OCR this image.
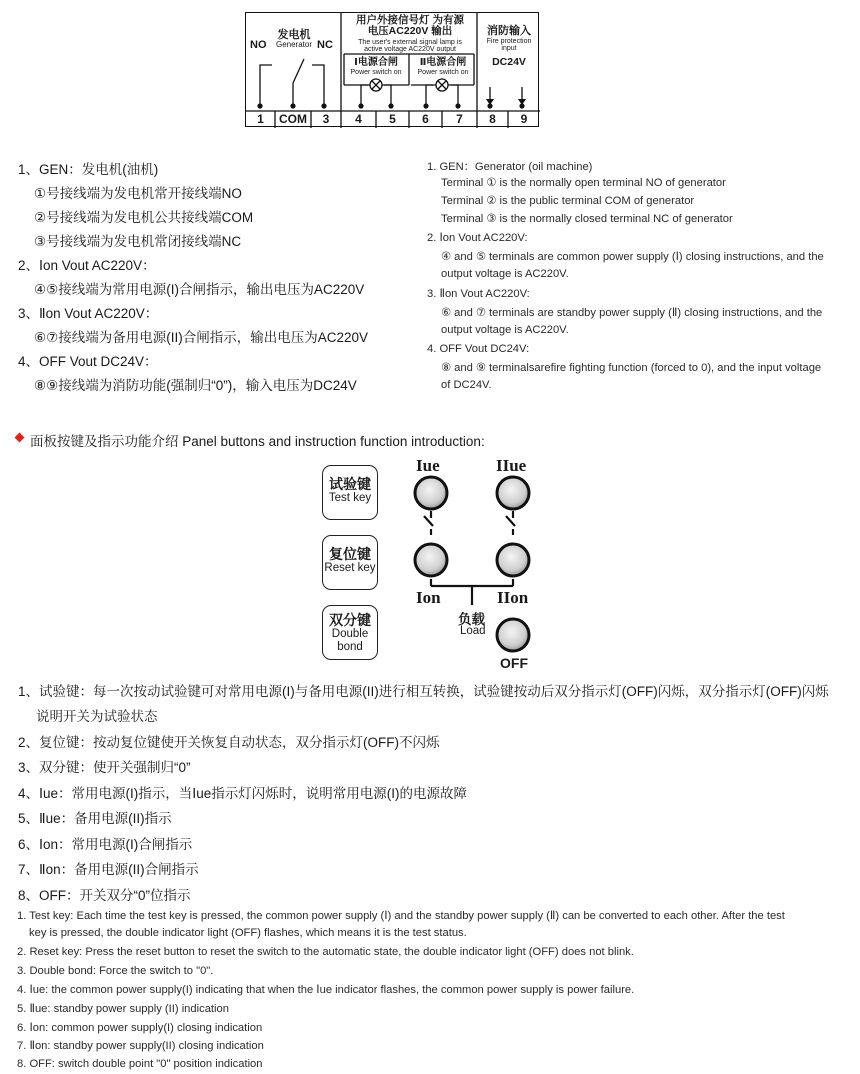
NO
发电机
Generator NC
用户外接信号灯 为有源
电压AC220V 输出
The user's external signal lamp is
active voltage AC220V output
Ⅰ电源合闸
Power switch on
Ⅱ电源合闸
Power switch on
消防输入
Fire protection
input
DC24V
1	COM	3	4	5	6	7	8	9
1、GEN：发电机(油机)
①号接线端为发电机常开接线端NO
②号接线端为发电机公共接线端COM
③号接线端为发电机常闭接线端NC
2、Ⅰon Vout AC220V：
④⑤接线端为常用电源(I)合闸指示，输出电压为AC220V
3、Ⅱon Vout AC220V：
⑥⑦接线端为备用电源(II)合闸指示，输出电压为AC220V
4、OFF Vout DC24V：
⑧⑨接线端为消防功能(强制归“0”)，输入电压为DC24V
1. GEN：Generator (oil machine)
Terminal ① is the normally open terminal NO of generator
Terminal ② is the public terminal COM of generator
Terminal ③ is the normally closed terminal NC of generator
2. Ⅰon Vout AC220V:
④ and ⑤ terminals are common power supply (Ⅰ) closing instructions, and the
output voltage is AC220V.
3. Ⅱon Vout AC220V:
⑥ and ⑦ terminals are standby power supply (Ⅱ) closing instructions, and the
output voltage is AC220V.
4. OFF Vout DC24V:
⑧ and ⑨ terminalsarefire fighting function (forced to 0), and the input voltage
of DC24V.
面板按键及指示功能介绍 Panel buttons and instruction function introduction:
试验键
Test key
复位键
Reset key
双分键
Double
bond
Iue	IIue
Ion	IIon
负载
Load
OFF
1、试验键：每一次按动试验键可对常用电源(I)与备用电源(II)进行相互转换，试验键按动后双分指示灯(OFF)闪烁，双分指示灯(OFF)闪烁
说明开关为试验状态
2、复位键：按动复位键使开关恢复自动状态，双分指示灯(OFF)不闪烁
3、双分键：使开关强制归“0”
4、Ⅰue：常用电源(I)指示，当Ⅰue指示灯闪烁时，说明常用电源(I)的电源故障
5、Ⅱue：备用电源(II)指示
6、Ⅰon：常用电源(I)合闸指示
7、Ⅱon：备用电源(II)合闸指示
8、OFF：开关双分“0”位指示
1. Test key: Each time the test key is pressed, the common power supply (Ⅰ) and the standby power supply (Ⅱ) can be converted to each other. After the test
key is pressed, the double indicator light (OFF) flashes, which means it is the test status.
2. Reset key: Press the reset button to reset the switch to the automatic state, the double indicator light (OFF) does not blink.
3. Double bond: Force the switch to "0".
4. Ⅰue: the common power supply(I) indicating that when the Ⅰue indicator flashes, the common power supply is power failure.
5. Ⅱue: standby power supply (II) indication
6. Ⅰon: common power supply(I) closing indication
7. Ⅱon: standby power supply(II) closing indication
8. OFF: switch double point "0" position indication
